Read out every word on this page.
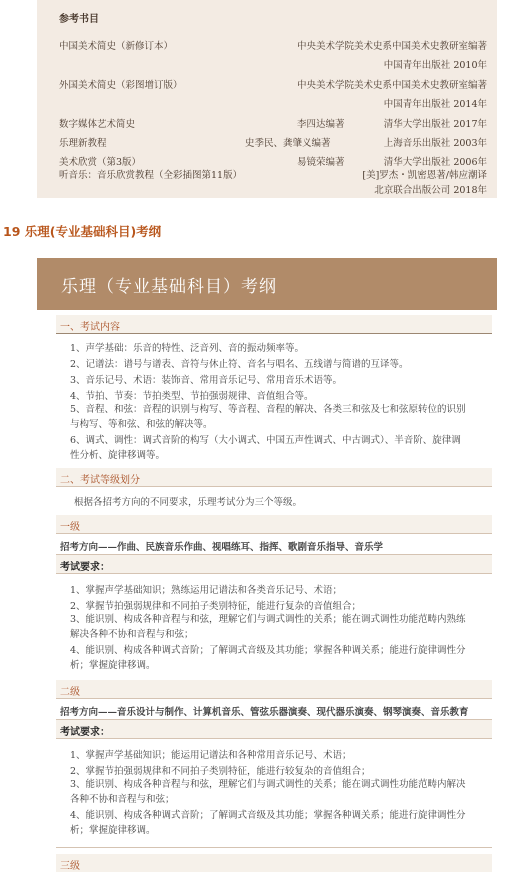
参考书目
中国美术简史（新修订本）	中央美术学院美术史系中国美术史教研室编著
中国青年出版社 2010年
外国美术简史（彩图增订版）	中央美术学院美术史系中国美术史教研室编著
中国青年出版社 2014年
数字媒体艺术简史	李四达编著	清华大学出版社 2017年
乐理新教程	史季民、龚肇义编著	上海音乐出版社 2003年
美术欣赏（第3版）	易镜荣编著	清华大学出版社 2006年
听音乐：音乐欣赏教程（全彩插图第11版）	[美]罗杰・凯密恩著/韩应潮译
北京联合出版公司 2018年
19 乐理(专业基础科目)考纲
乐理（专业基础科目）考纲
一、考试内容
1、声学基础：乐音的特性、泛音列、音的振动频率等。
2、记谱法：谱号与谱表、音符与休止符、音名与唱名、五线谱与简谱的互译等。
3、音乐记号、术语：装饰音、常用音乐记号、常用音乐术语等。
4、节拍、节奏：节拍类型、节拍强弱规律、音值组合等。
5、音程、和弦：音程的识别与构写、等音程、音程的解决、各类三和弦及七和弦原转位的识别与构写、等和弦、和弦的解决等。
6、调式、调性：调式音阶的构写（大小调式、中国五声性调式、中古调式）、半音阶、旋律调性分析、旋律移调等。
二、考试等级划分
根据各招考方向的不同要求，乐理考试分为三个等级。
一级
招考方向——作曲、民族音乐作曲、视唱练耳、指挥、歌剧音乐指导、音乐学
考试要求：
1、掌握声学基础知识；熟练运用记谱法和各类音乐记号、术语；
2、掌握节拍强弱规律和不同拍子类别特征，能进行复杂的音值组合；
3、能识别、构成各种音程与和弦，理解它们与调式调性的关系；能在调式调性功能范畴内熟练解决各种不协和音程与和弦；
4、能识别、构成各种调式音阶；了解调式音级及其功能；掌握各种调关系；能进行旋律调性分析；掌握旋律移调。
二级
招考方向——音乐设计与制作、计算机音乐、管弦乐器演奏、现代器乐演奏、钢琴演奏、音乐教育
考试要求：
1、掌握声学基础知识；能运用记谱法和各种常用音乐记号、术语；
2、掌握节拍强弱规律和不同拍子类别特征，能进行较复杂的音值组合；
3、能识别、构成各种音程与和弦，理解它们与调式调性的关系；能在调式调性功能范畴内解决各种不协和音程与和弦；
4、能识别、构成各种调式音阶；了解调式音级及其功能；掌握各种调关系；能进行旋律调性分析；掌握旋律移调。
三级
